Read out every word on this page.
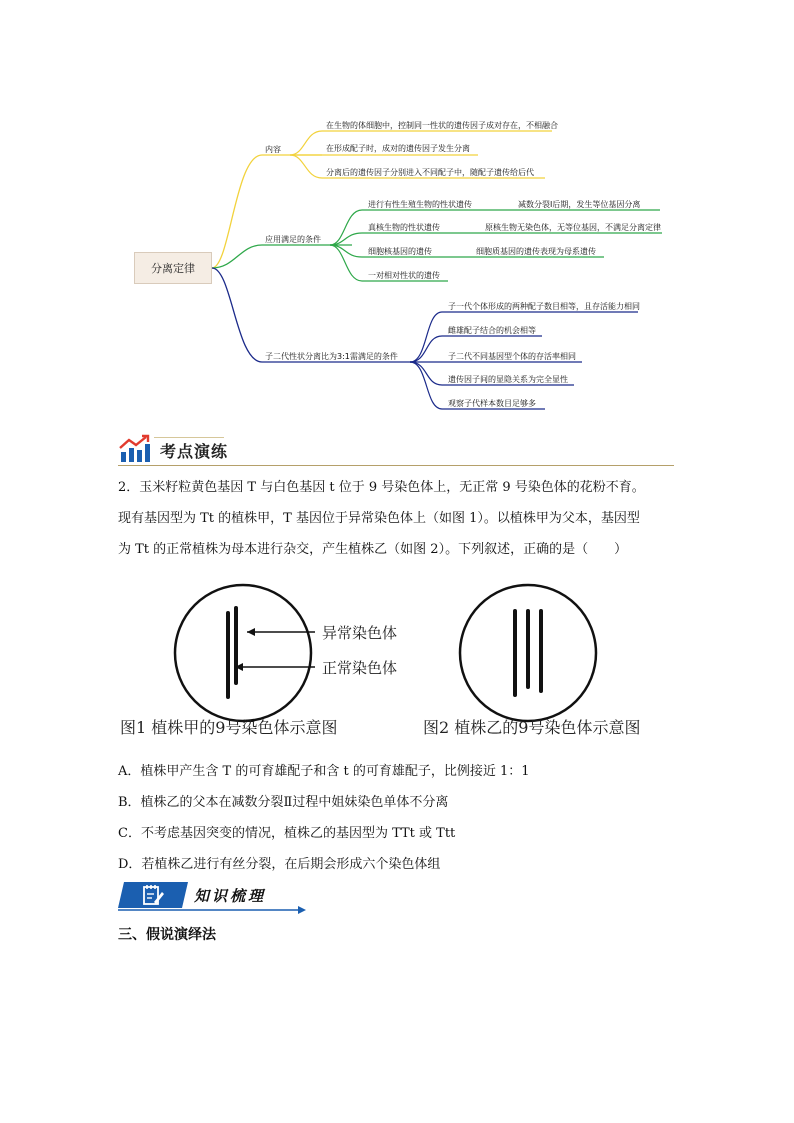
分离定律
内容
在生物的体细胞中，控制同一性状的遗传因子成对存在，不相融合
在形成配子时，成对的遗传因子发生分离
分离后的遗传因子分别进入不同配子中，随配子遗传给后代
应用满足的条件
进行有性生殖生物的性状遗传	减数分裂Ⅰ后期，发生等位基因分离
真核生物的性状遗传	原核生物无染色体，无等位基因，不满足分离定律
细胞核基因的遗传	细胞质基因的遗传表现为母系遗传
一对相对性状的遗传
子二代性状分离比为3:1需满足的条件
子一代个体形成的两种配子数目相等，且存活能力相同
雌雄配子结合的机会相等
子二代不同基因型个体的存活率相同
遗传因子间的显隐关系为完全显性
观察子代样本数目足够多
考点演练
2．玉米籽粒黄色基因 T 与白色基因 t 位于 9 号染色体上，无正常 9 号染色体的花粉不育。
现有基因型为 Tt 的植株甲，T 基因位于异常染色体上（如图 1）。以植株甲为父本，基因型
为 Tt 的正常植株为母本进行杂交，产生植株乙（如图 2）。下列叙述，正确的是（　　）
异常染色体
正常染色体
图1 植株甲的9号染色体示意图	图2 植株乙的9号染色体示意图
A．植株甲产生含 T 的可育雄配子和含 t 的可育雄配子，比例接近 1：1
B．植株乙的父本在减数分裂Ⅱ过程中姐妹染色单体不分离
C．不考虑基因突变的情况，植株乙的基因型为 TTt 或 Ttt
D．若植株乙进行有丝分裂，在后期会形成六个染色体组
知识梳理
三、假说演绎法
